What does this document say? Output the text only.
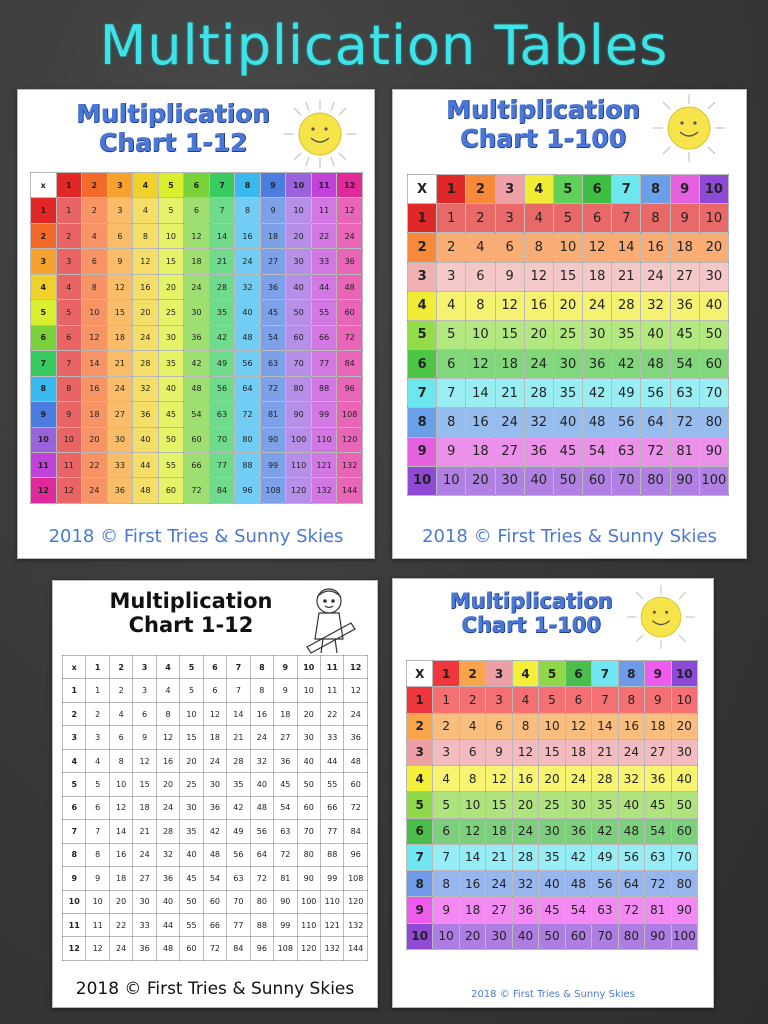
Multiplication Tables
Multiplication
Chart 1-12
x	1	2	3	4	5	6	7	8	9	10	11	12
1	1	2	3	4	5	6	7	8	9	10	11	12
2	2	4	6	8	10	12	14	16	18	20	22	24
3	3	6	9	12	15	18	21	24	27	30	33	36
4	4	8	12	16	20	24	28	32	36	40	44	48
5	5	10	15	20	25	30	35	40	45	50	55	60
6	6	12	18	24	30	36	42	48	54	60	66	72
7	7	14	21	28	35	42	49	56	63	70	77	84
8	8	16	24	32	40	48	56	64	72	80	88	96
9	9	18	27	36	45	54	63	72	81	90	99	108
10	10	20	30	40	50	60	70	80	90	100	110	120
11	11	22	33	44	55	66	77	88	99	110	121	132
12	12	24	36	48	60	72	84	96	108	120	132	144
2018 © First Tries & Sunny Skies
Multiplication
Chart 1-100
X	1	2	3	4	5	6	7	8	9	10
1	1	2	3	4	5	6	7	8	9	10
2	2	4	6	8	10	12	14	16	18	20
3	3	6	9	12	15	18	21	24	27	30
4	4	8	12	16	20	24	28	32	36	40
5	5	10	15	20	25	30	35	40	45	50
6	6	12	18	24	30	36	42	48	54	60
7	7	14	21	28	35	42	49	56	63	70
8	8	16	24	32	40	48	56	64	72	80
9	9	18	27	36	45	54	63	72	81	90
10	10	20	30	40	50	60	70	80	90	100
2018 © First Tries & Sunny Skies
Multiplication
Chart 1-12
x	1	2	3	4	5	6	7	8	9	10	11	12
1	1	2	3	4	5	6	7	8	9	10	11	12
2	2	4	6	8	10	12	14	16	18	20	22	24
3	3	6	9	12	15	18	21	24	27	30	33	36
4	4	8	12	16	20	24	28	32	36	40	44	48
5	5	10	15	20	25	30	35	40	45	50	55	60
6	6	12	18	24	30	36	42	48	54	60	66	72
7	7	14	21	28	35	42	49	56	63	70	77	84
8	8	16	24	32	40	48	56	64	72	80	88	96
9	9	18	27	36	45	54	63	72	81	90	99	108
10	10	20	30	40	50	60	70	80	90	100	110	120
11	11	22	33	44	55	66	77	88	99	110	121	132
12	12	24	36	48	60	72	84	96	108	120	132	144
2018 © First Tries & Sunny Skies
Multiplication
Chart 1-100
X	1	2	3	4	5	6	7	8	9	10
1	1	2	3	4	5	6	7	8	9	10
2	2	4	6	8	10	12	14	16	18	20
3	3	6	9	12	15	18	21	24	27	30
4	4	8	12	16	20	24	28	32	36	40
5	5	10	15	20	25	30	35	40	45	50
6	6	12	18	24	30	36	42	48	54	60
7	7	14	21	28	35	42	49	56	63	70
8	8	16	24	32	40	48	56	64	72	80
9	9	18	27	36	45	54	63	72	81	90
10	10	20	30	40	50	60	70	80	90	100
2018 © First Tries & Sunny Skies
